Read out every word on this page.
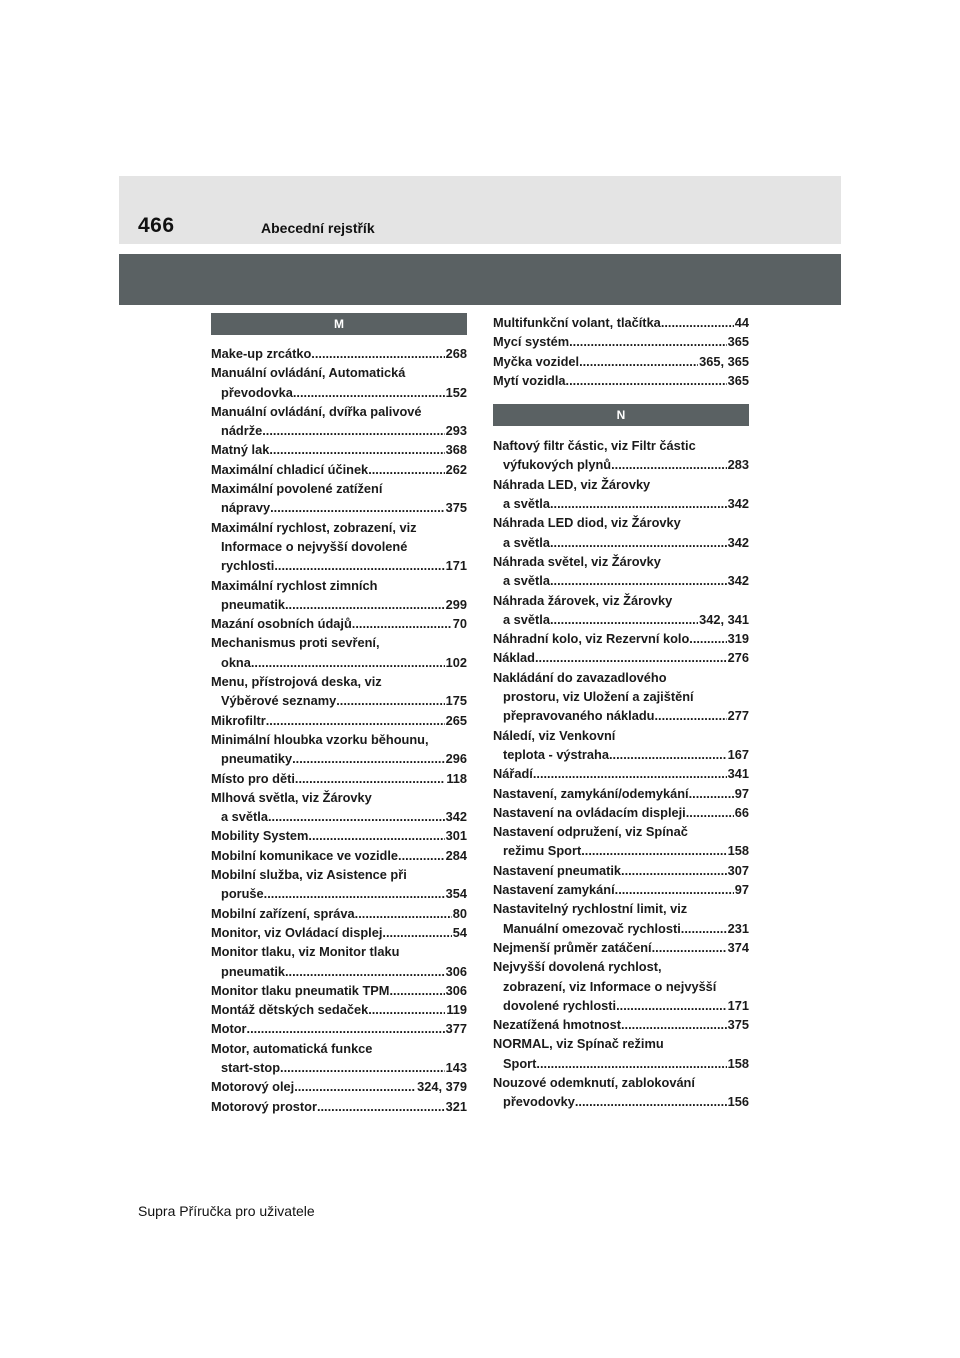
466	Abecední rejstřík
M
Make-up zrcátko .....	268
Manuální ovládání, Automatická
převodovka .....	152
Manuální ovládání, dvířka palivové
nádrže .....	293
Matný lak .....	368
Maximální chladicí účinek .....	262
Maximální povolené zatížení
nápravy .....	375
Maximální rychlost, zobrazení, viz
Informace o nejvyšší dovolené
rychlosti .....	171
Maximální rychlost zimních
pneumatik .....	299
Mazání osobních údajů .....	70
Mechanismus proti sevření,
okna .....	102
Menu, přístrojová deska, viz
Výběrové seznamy .....	175
Mikrofiltr .....	265
Minimální hloubka vzorku běhounu,
pneumatiky .....	296
Místo pro děti .....	118
Mlhová světla, viz Žárovky
a světla .....	342
Mobility System .....	301
Mobilní komunikace ve vozidle .....	284
Mobilní služba, viz Asistence při
poruše .....	354
Mobilní zařízení, správa .....	80
Monitor, viz Ovládací displej .....	54
Monitor tlaku, viz Monitor tlaku
pneumatik .....	306
Monitor tlaku pneumatik TPM .....	306
Montáž dětských sedaček .....	119
Motor .....	377
Motor, automatická funkce
start-stop .....	143
Motorový olej .....	324, 379
Motorový prostor .....	321
Multifunkční volant, tlačítka .....	44
Mycí systém .....	365
Myčka vozidel .....	365, 365
Mytí vozidla .....	365
N
Naftový filtr částic, viz Filtr částic
výfukových plynů .....	283
Náhrada LED, viz Žárovky
a světla .....	342
Náhrada LED diod, viz Žárovky
a světla .....	342
Náhrada světel, viz Žárovky
a světla .....	342
Náhrada žárovek, viz Žárovky
a světla .....	342, 341
Náhradní kolo, viz Rezervní kolo .....	319
Náklad .....	276
Nakládání do zavazadlového
prostoru, viz Uložení a zajištění
přepravovaného nákladu .....	277
Náledí, viz Venkovní
teplota - výstraha .....	167
Nářadí .....	341
Nastavení, zamykání/odemykání .....	97
Nastavení na ovládacím displeji .....	66
Nastavení odpružení, viz Spínač
režimu Sport .....	158
Nastavení pneumatik .....	307
Nastavení zamykání .....	97
Nastavitelný rychlostní limit, viz
Manuální omezovač rychlosti .....	231
Nejmenší průměr zatáčení .....	374
Nejvyšší dovolená rychlost,
zobrazení, viz Informace o nejvyšší
dovolené rychlosti .....	171
Nezatížená hmotnost .....	375
NORMAL, viz Spínač režimu
Sport .....	158
Nouzové odemknutí, zablokování
převodovky .....	156
Supra Příručka pro uživatele
